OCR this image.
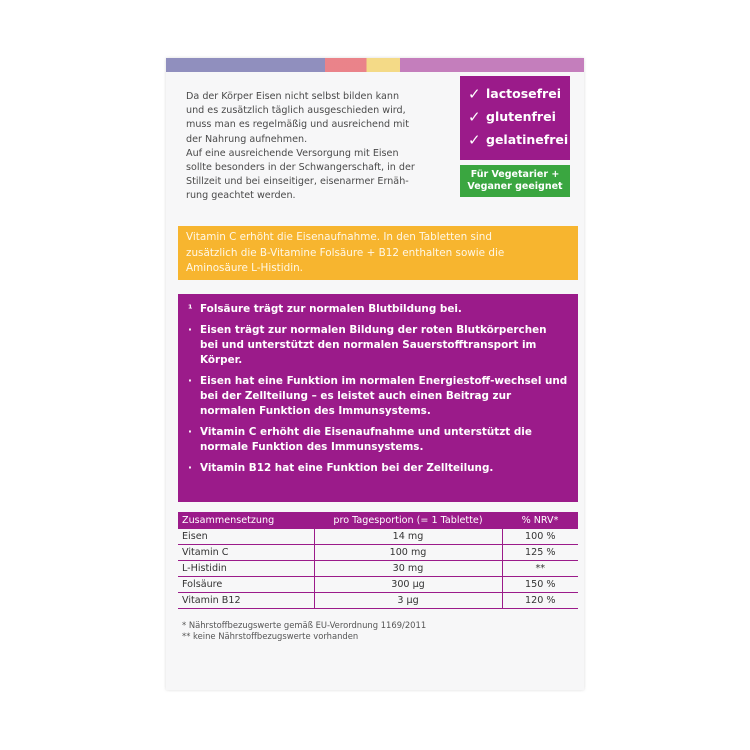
Da der Körper Eisen nicht selbst bilden kann

und es zusätzlich täglich ausgeschieden wird,

muss man es regelmäßig und ausreichend mit

der Nahrung aufnehmen.

Auf eine ausreichende Versorgung mit Eisen

sollte besonders in der Schwangerschaft, in der

Stillzeit und bei einseitiger, eisenarmer Ernäh-

rung geachtet werden.

✓ lactosefrei
✓ glutenfrei
✓ gelatinefrei
Für Vegetarier + Veganer geeignet
Vitamin C erhöht die Eisenaufnahme. In den Tabletten sind
zusätzlich die B-Vitamine Folsäure + B12 enthalten sowie die
Aminosäure L-Histidin.
¹ Folsäure trägt zur normalen Blutbildung bei.
· Eisen trägt zur normalen Bildung der roten Blutkörperchen bei und unterstützt den normalen Sauerstofftransport im Körper.
· Eisen hat eine Funktion im normalen Energiestoff-wechsel und bei der Zellteilung – es leistet auch einen Beitrag zur normalen Funktion des Immunsystems.
· Vitamin C erhöht die Eisenaufnahme und unterstützt die normale Funktion des Immunsystems.
· Vitamin B12 hat eine Funktion bei der Zellteilung.
Zusammensetzung	pro Tagesportion (= 1 Tablette)	% NRV*
Eisen	14 mg	100 %
Vitamin C	100 mg	125 %
L-Histidin	30 mg	**
Folsäure	300 µg	150 %
Vitamin B12	3 µg	120 %
* Nährstoffbezugswerte gemäß EU-Verordnung 1169/2011
** keine Nährstoffbezugswerte vorhanden
